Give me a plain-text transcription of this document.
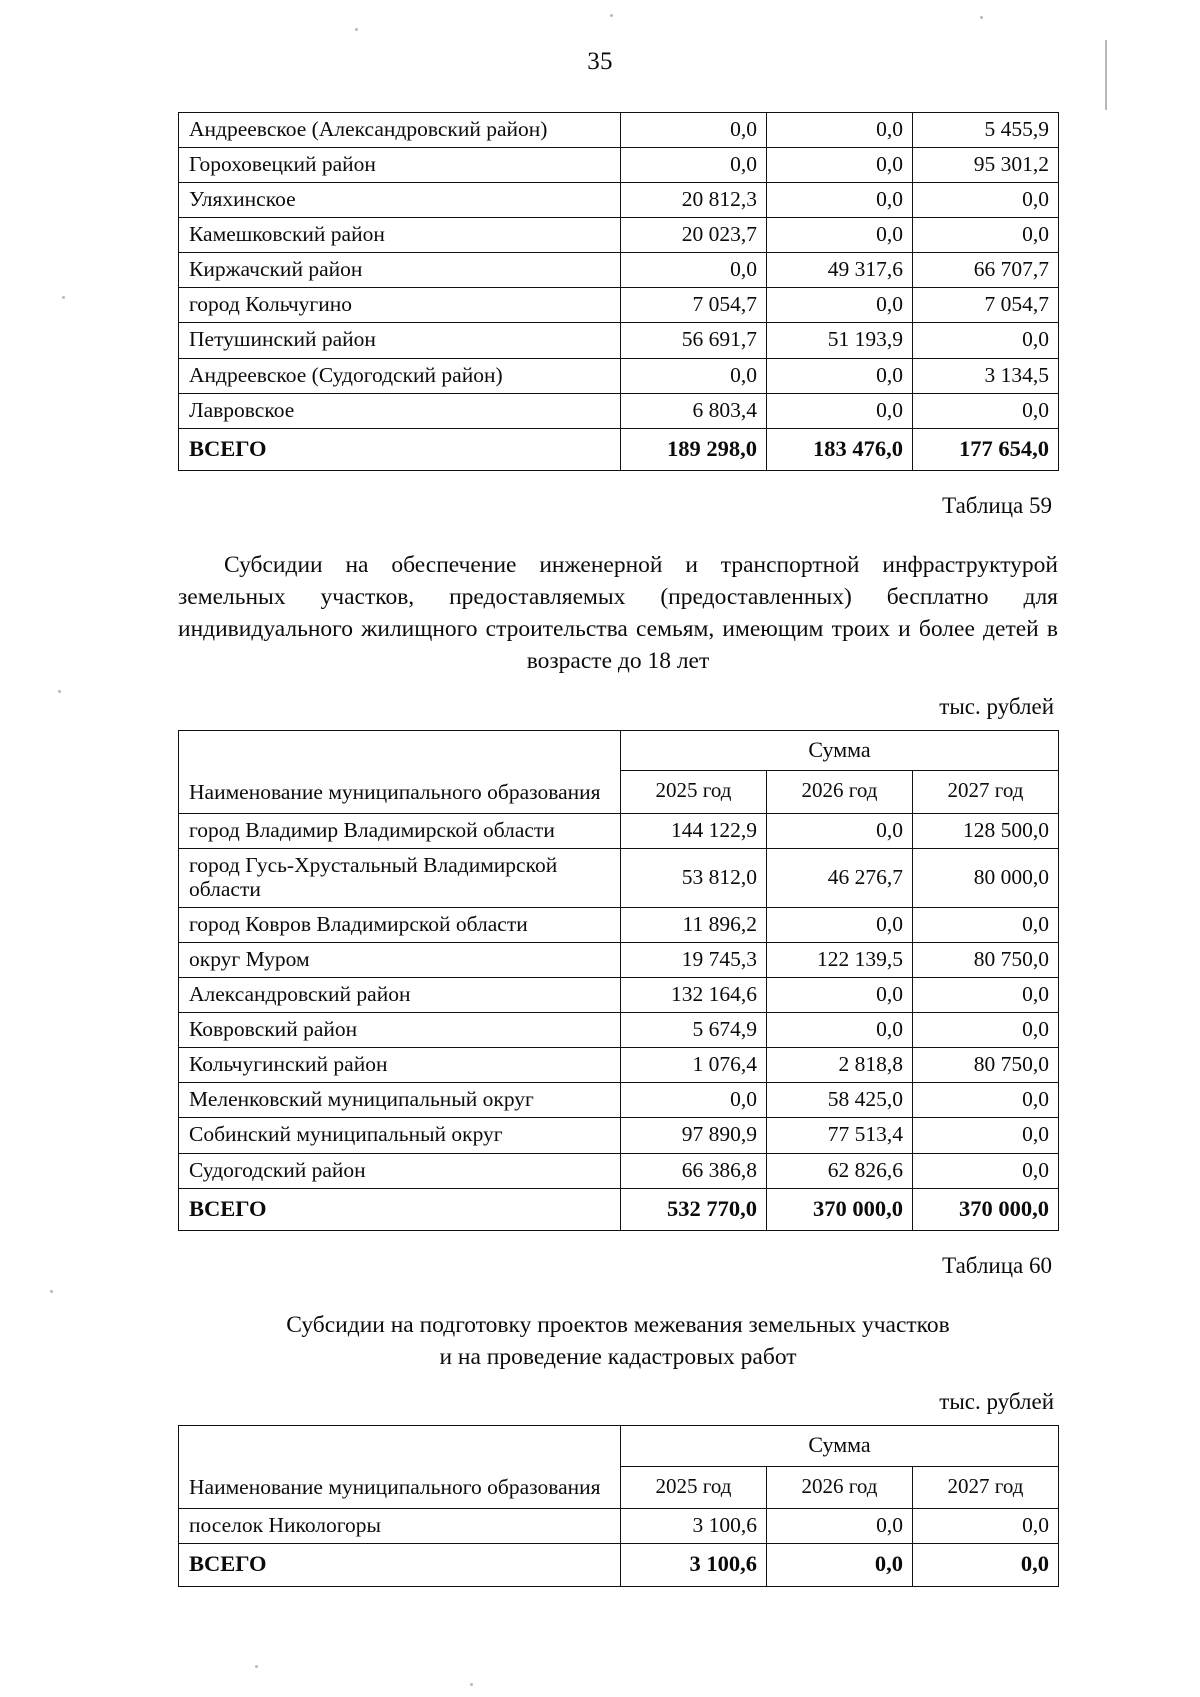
35
Андреевское (Александровский район)	0,0	0,0	5 455,9
Гороховецкий район	0,0	0,0	95 301,2
Уляхинское	20 812,3	0,0	0,0
Камешковский район	20 023,7	0,0	0,0
Киржачский район	0,0	49 317,6	66 707,7
город Кольчугино	7 054,7	0,0	7 054,7
Петушинский район	56 691,7	51 193,9	0,0
Андреевское (Судогодский район)	0,0	0,0	3 134,5
Лавровское	6 803,4	0,0	0,0
ВСЕГО	189 298,0	183 476,0	177 654,0
Таблица 59
Субсидии на обеспечение инженерной и транспортной инфраструктурой земельных участков, предоставляемых (предоставленных) бесплатно для индивидуального жилищного строительства семьям, имеющим троих и более детей в возрасте до 18 лет
тыс. рублей
Наименование муниципального образования	Сумма		
	2025 год	2026 год	2027 год
город Владимир Владимирской области	144 122,9	0,0	128 500,0
город Гусь-Хрустальный Владимирской области	53 812,0	46 276,7	80 000,0
город Ковров Владимирской области	11 896,2	0,0	0,0
округ Муром	19 745,3	122 139,5	80 750,0
Александровский район	132 164,6	0,0	0,0
Ковровский район	5 674,9	0,0	0,0
Кольчугинский район	1 076,4	2 818,8	80 750,0
Меленковский муниципальный округ	0,0	58 425,0	0,0
Собинский муниципальный округ	97 890,9	77 513,4	0,0
Судогодский район	66 386,8	62 826,6	0,0
ВСЕГО	532 770,0	370 000,0	370 000,0
Таблица 60
Субсидии на подготовку проектов межевания земельных участков
и на проведение кадастровых работ
тыс. рублей
Наименование муниципального образования	Сумма		
	2025 год	2026 год	2027 год
поселок Никологоры	3 100,6	0,0	0,0
ВСЕГО	3 100,6	0,0	0,0
